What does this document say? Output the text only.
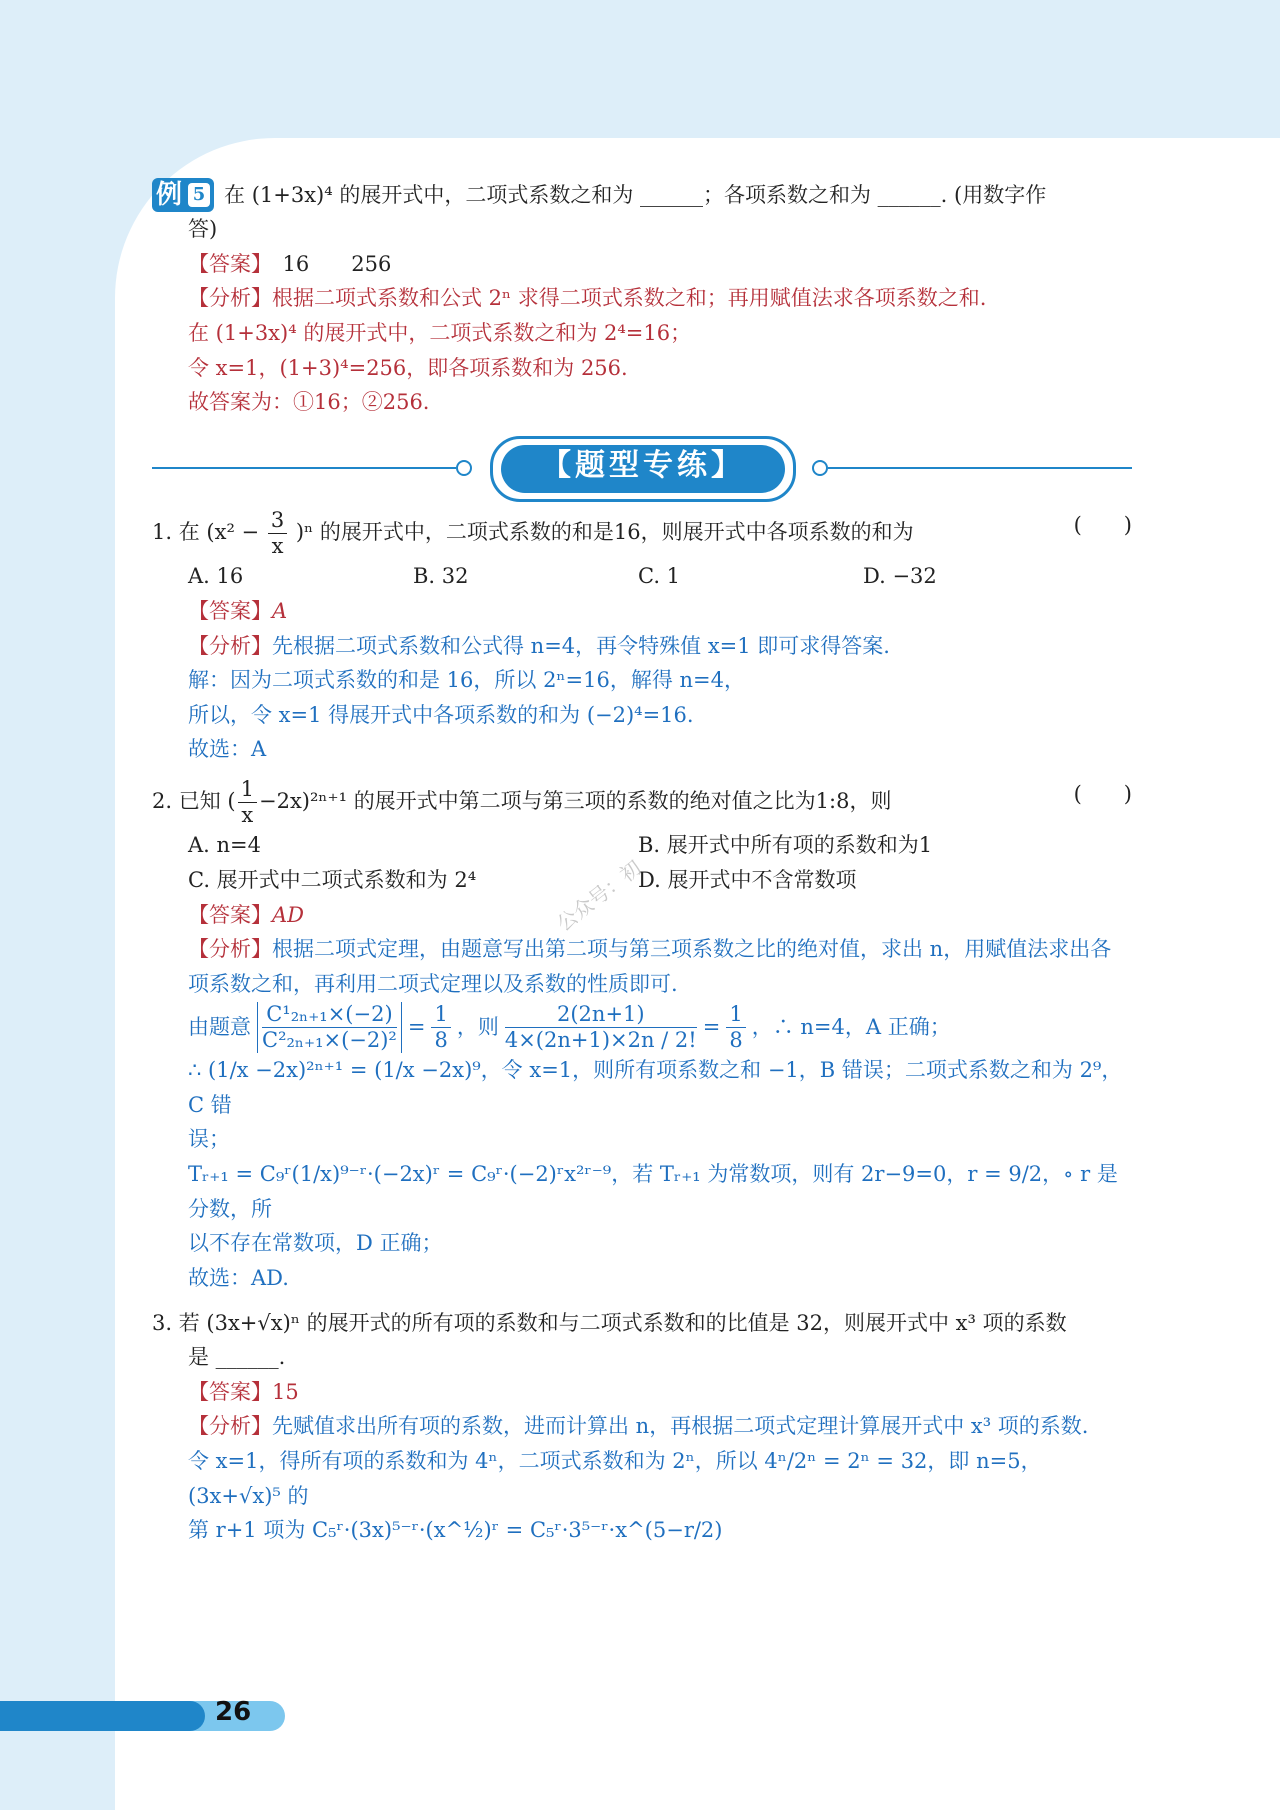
例 5 在 (1+3x)⁴ 的展开式中，二项式系数之和为 ______；各项系数之和为 ______. (用数字作
答)
【答案】　 16　　256
【分析】根据二项式系数和公式 2ⁿ 求得二项式系数之和；再用赋值法求各项系数之和.
在 (1+3x)⁴ 的展开式中，二项式系数之和为 2⁴=16；
令 x=1，(1+3)⁴=256，即各项系数和为 256.
故答案为：①16；②256.
【题型专练】
1. 在 $(x^2 - \frac{3}{x} )^n$ 的展开式中，二项式系数的和是16，则展开式中各项系数的和为	(　　)
A. 16	B. 32	C. 1	D. −32
【答案】A
【分析】先根据二项式系数和公式得 n=4，再令特殊值 x=1 即可求得答案.
解：因为二项式系数的和是 16，所以 2ⁿ=16，解得 n=4，
所以，令 x=1 得展开式中各项系数的和为 (−2)⁴=16.
故选：A
2. 已知 ( $\frac{1}{x} -2x)^{2n+1}$ 的展开式中第二项与第三项的系数的绝对值之比为1:8，则	(　　)
A. n=4	B. 展开式中所有项的系数和为1
C. 展开式中二项式系数和为 2⁴	D. 展开式中不含常数项
【答案】AD
【分析】根据二项式定理，由题意写出第二项与第三项系数之比的绝对值，求出 n，用赋值法求出各
项系数之和，再利用二项式定理以及系数的性质即可.
由题意 $\frac{\text{C¹₂ₙ₊₁×(−2)}}{\text{C²₂ₙ₊₁×(−2)²}} = \frac{1}{8}$ ，则 $\frac{2(2n+1)}{4\times(2n+1)\times 2n / 2!} = \frac{1}{8}$ ，∴ n=4，A 正确；
∴ (1/x −2x)²ⁿ⁺¹ = (1/x −2x)⁹，令 x=1，则所有项系数之和 −1，B 错误；二项式系数之和为 2⁹，C 错
误；
Tᵣ₊₁ = C₉ʳ(1/x)⁹⁻ʳ·(−2x)ʳ = C₉ʳ·(−2)ʳx²ʳ⁻⁹，若 Tᵣ₊₁ 为常数项，则有 2r−9=0，r = 9/2，∘ r 是分数，所
以不存在常数项，D 正确；
故选：AD.
3. 若 (3x+√x)ⁿ 的展开式的所有项的系数和与二项式系数和的比值是 32，则展开式中 x³ 项的系数
是 ______.
【答案】15
【分析】先赋值求出所有项的系数，进而计算出 n，再根据二项式定理计算展开式中 x³ 项的系数.
令 x=1，得所有项的系数和为 4ⁿ，二项式系数和为 2ⁿ，所以 4ⁿ/2ⁿ = 2ⁿ = 32，即 n=5，(3x+√x)⁵ 的
第 r+1 项为 C₅ʳ·(3x)⁵⁻ʳ·(x^½)ʳ = C₅ʳ·3⁵⁻ʳ·x^(5−r/2)
公众号：初
26
